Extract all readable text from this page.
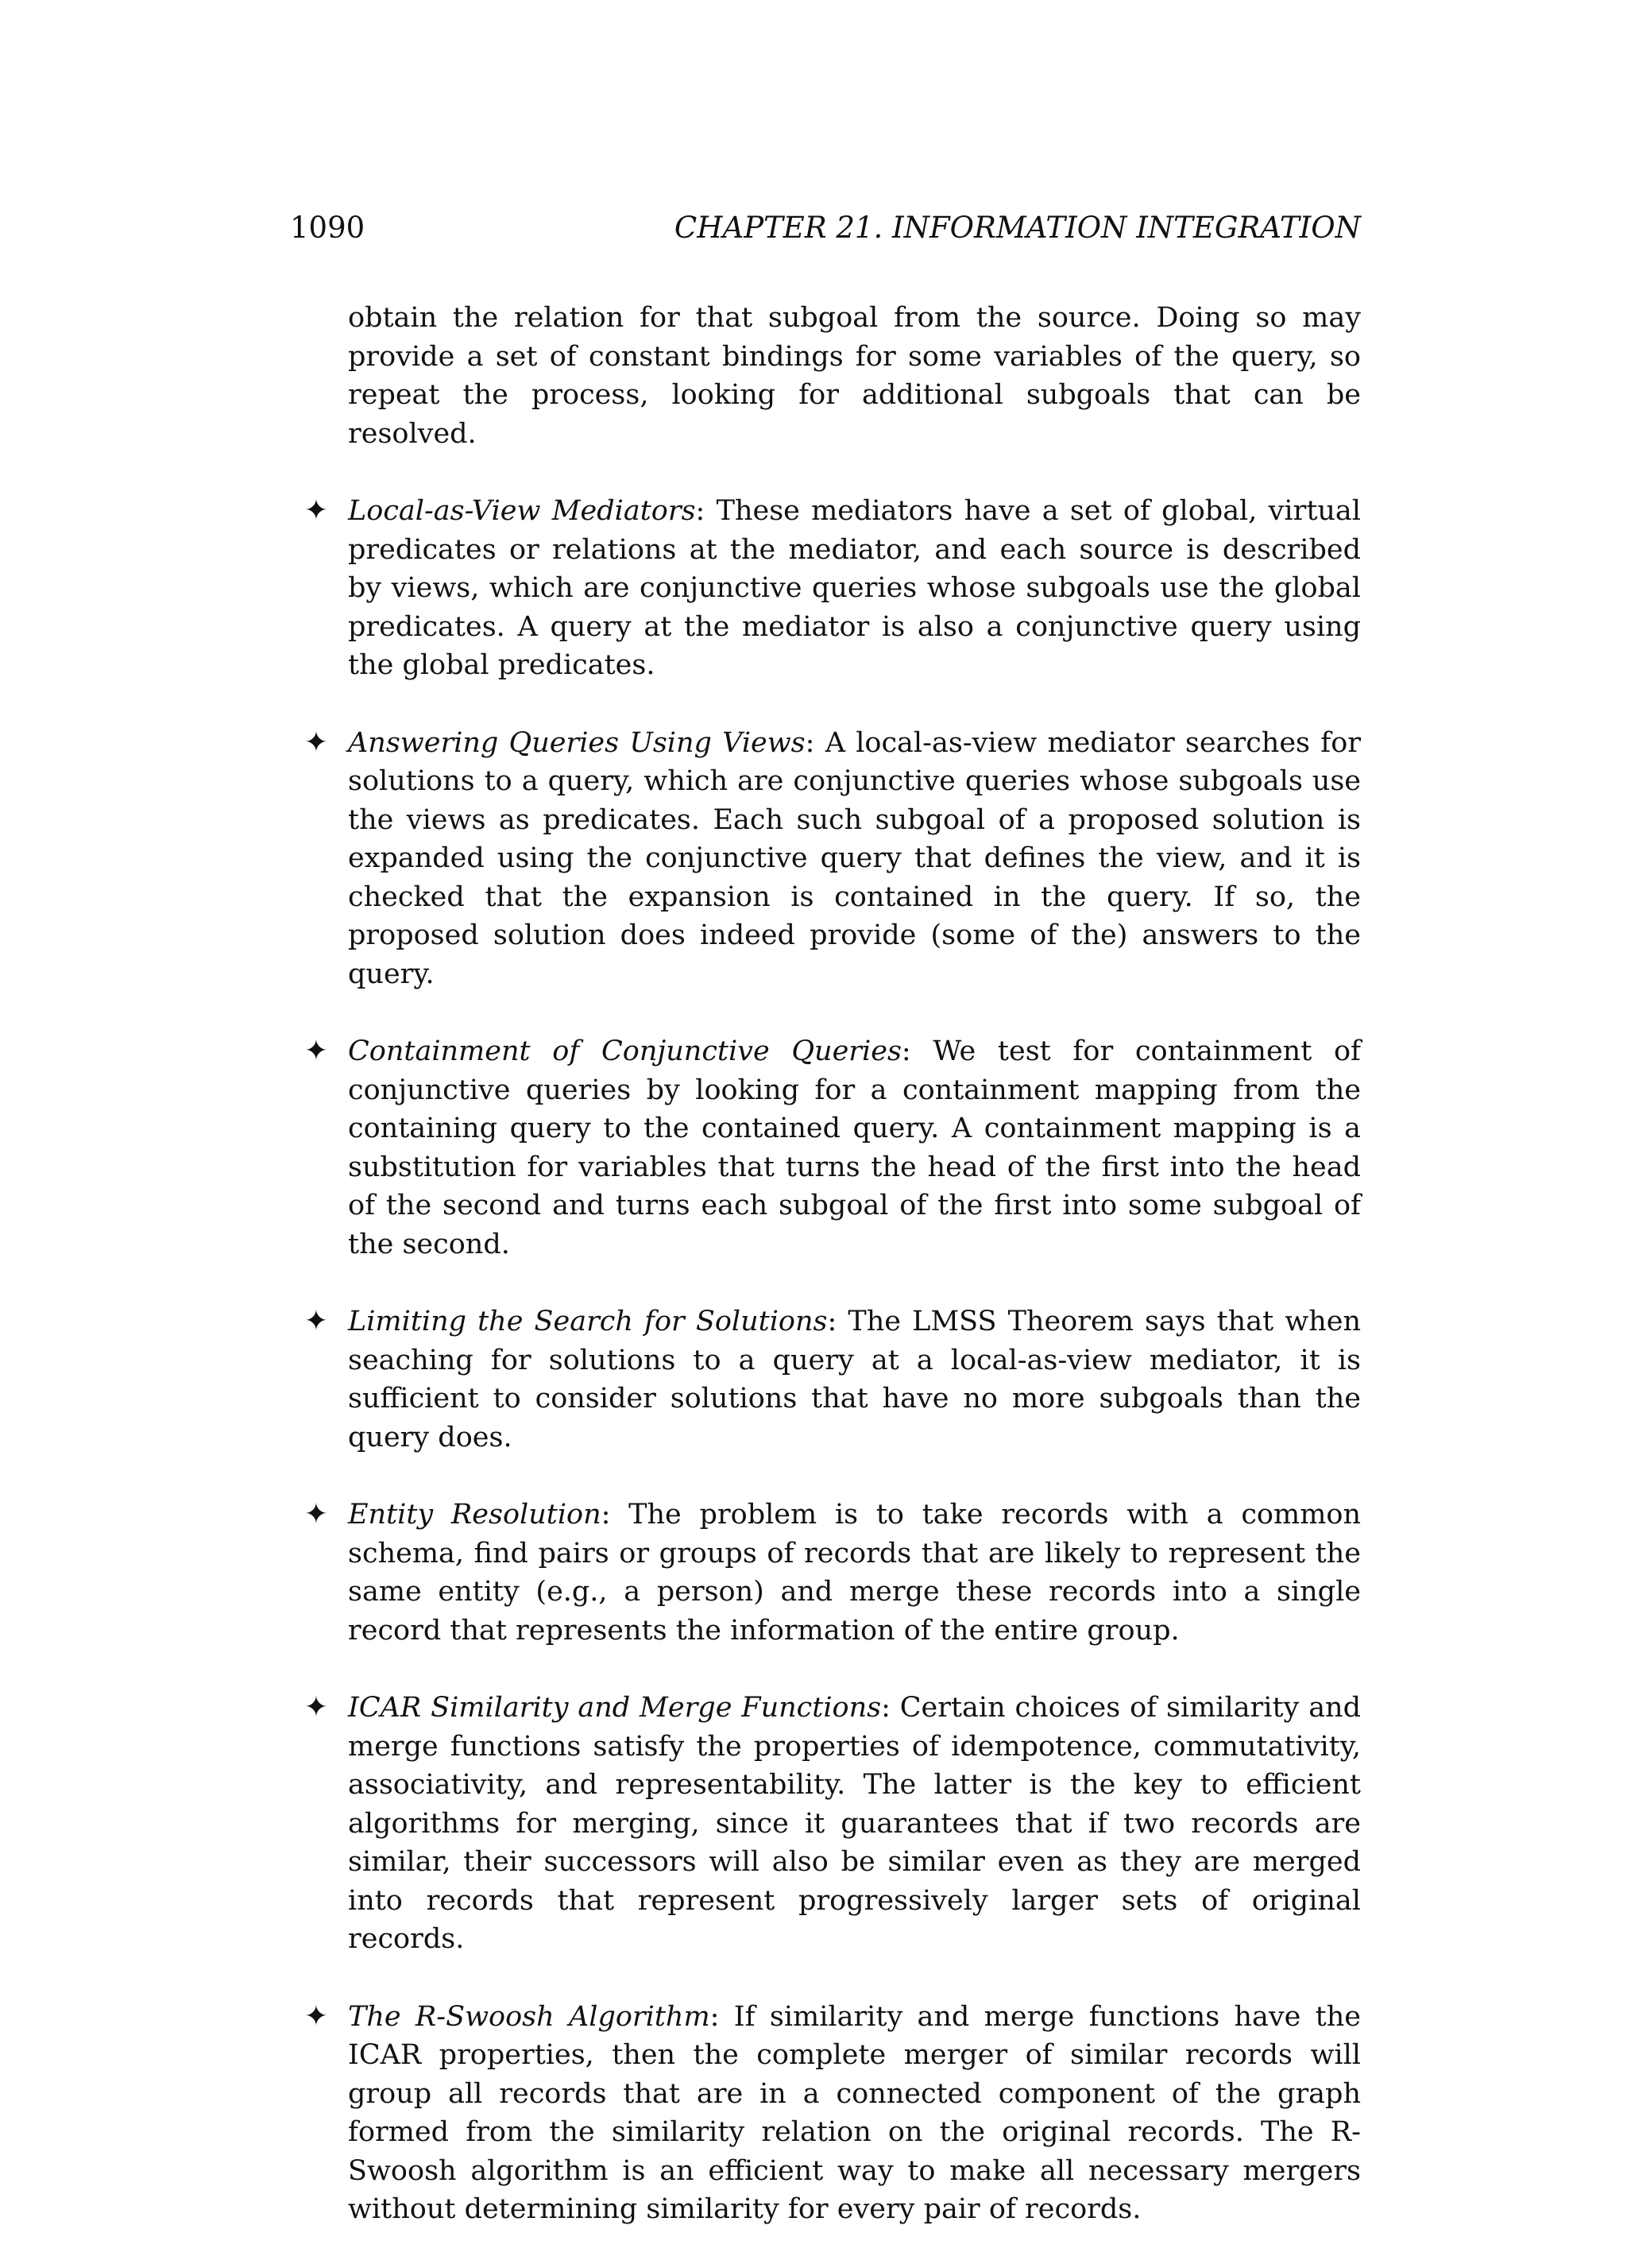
1090	CHAPTER 21. INFORMATION INTEGRATION

obtain the relation for that subgoal from the source. Doing so may provide a set of constant bindings for some variables of the query, so repeat the process, looking for additional subgoals that can be resolved.

✦ Local-as-View Mediators: These mediators have a set of global, virtual predicates or relations at the mediator, and each source is described by views, which are conjunctive queries whose subgoals use the global predicates. A query at the mediator is also a conjunctive query using the global predicates.

✦ Answering Queries Using Views: A local-as-view mediator searches for solutions to a query, which are conjunctive queries whose subgoals use the views as predicates. Each such subgoal of a proposed solution is expanded using the conjunctive query that defines the view, and it is checked that the expansion is contained in the query. If so, the proposed solution does indeed provide (some of the) answers to the query.

✦ Containment of Conjunctive Queries: We test for containment of conjunctive queries by looking for a containment mapping from the containing query to the contained query. A containment mapping is a substitution for variables that turns the head of the first into the head of the second and turns each subgoal of the first into some subgoal of the second.

✦ Limiting the Search for Solutions: The LMSS Theorem says that when seaching for solutions to a query at a local-as-view mediator, it is sufficient to consider solutions that have no more subgoals than the query does.

✦ Entity Resolution: The problem is to take records with a common schema, find pairs or groups of records that are likely to represent the same entity (e.g., a person) and merge these records into a single record that represents the information of the entire group.

✦ ICAR Similarity and Merge Functions: Certain choices of similarity and merge functions satisfy the properties of idempotence, commutativity, associativity, and representability. The latter is the key to efficient algorithms for merging, since it guarantees that if two records are similar, their successors will also be similar even as they are merged into records that represent progressively larger sets of original records.

✦ The R-Swoosh Algorithm: If similarity and merge functions have the ICAR properties, then the complete merger of similar records will group all records that are in a connected component of the graph formed from the similarity relation on the original records. The R-Swoosh algorithm is an efficient way to make all necessary mergers without determining similarity for every pair of records.
